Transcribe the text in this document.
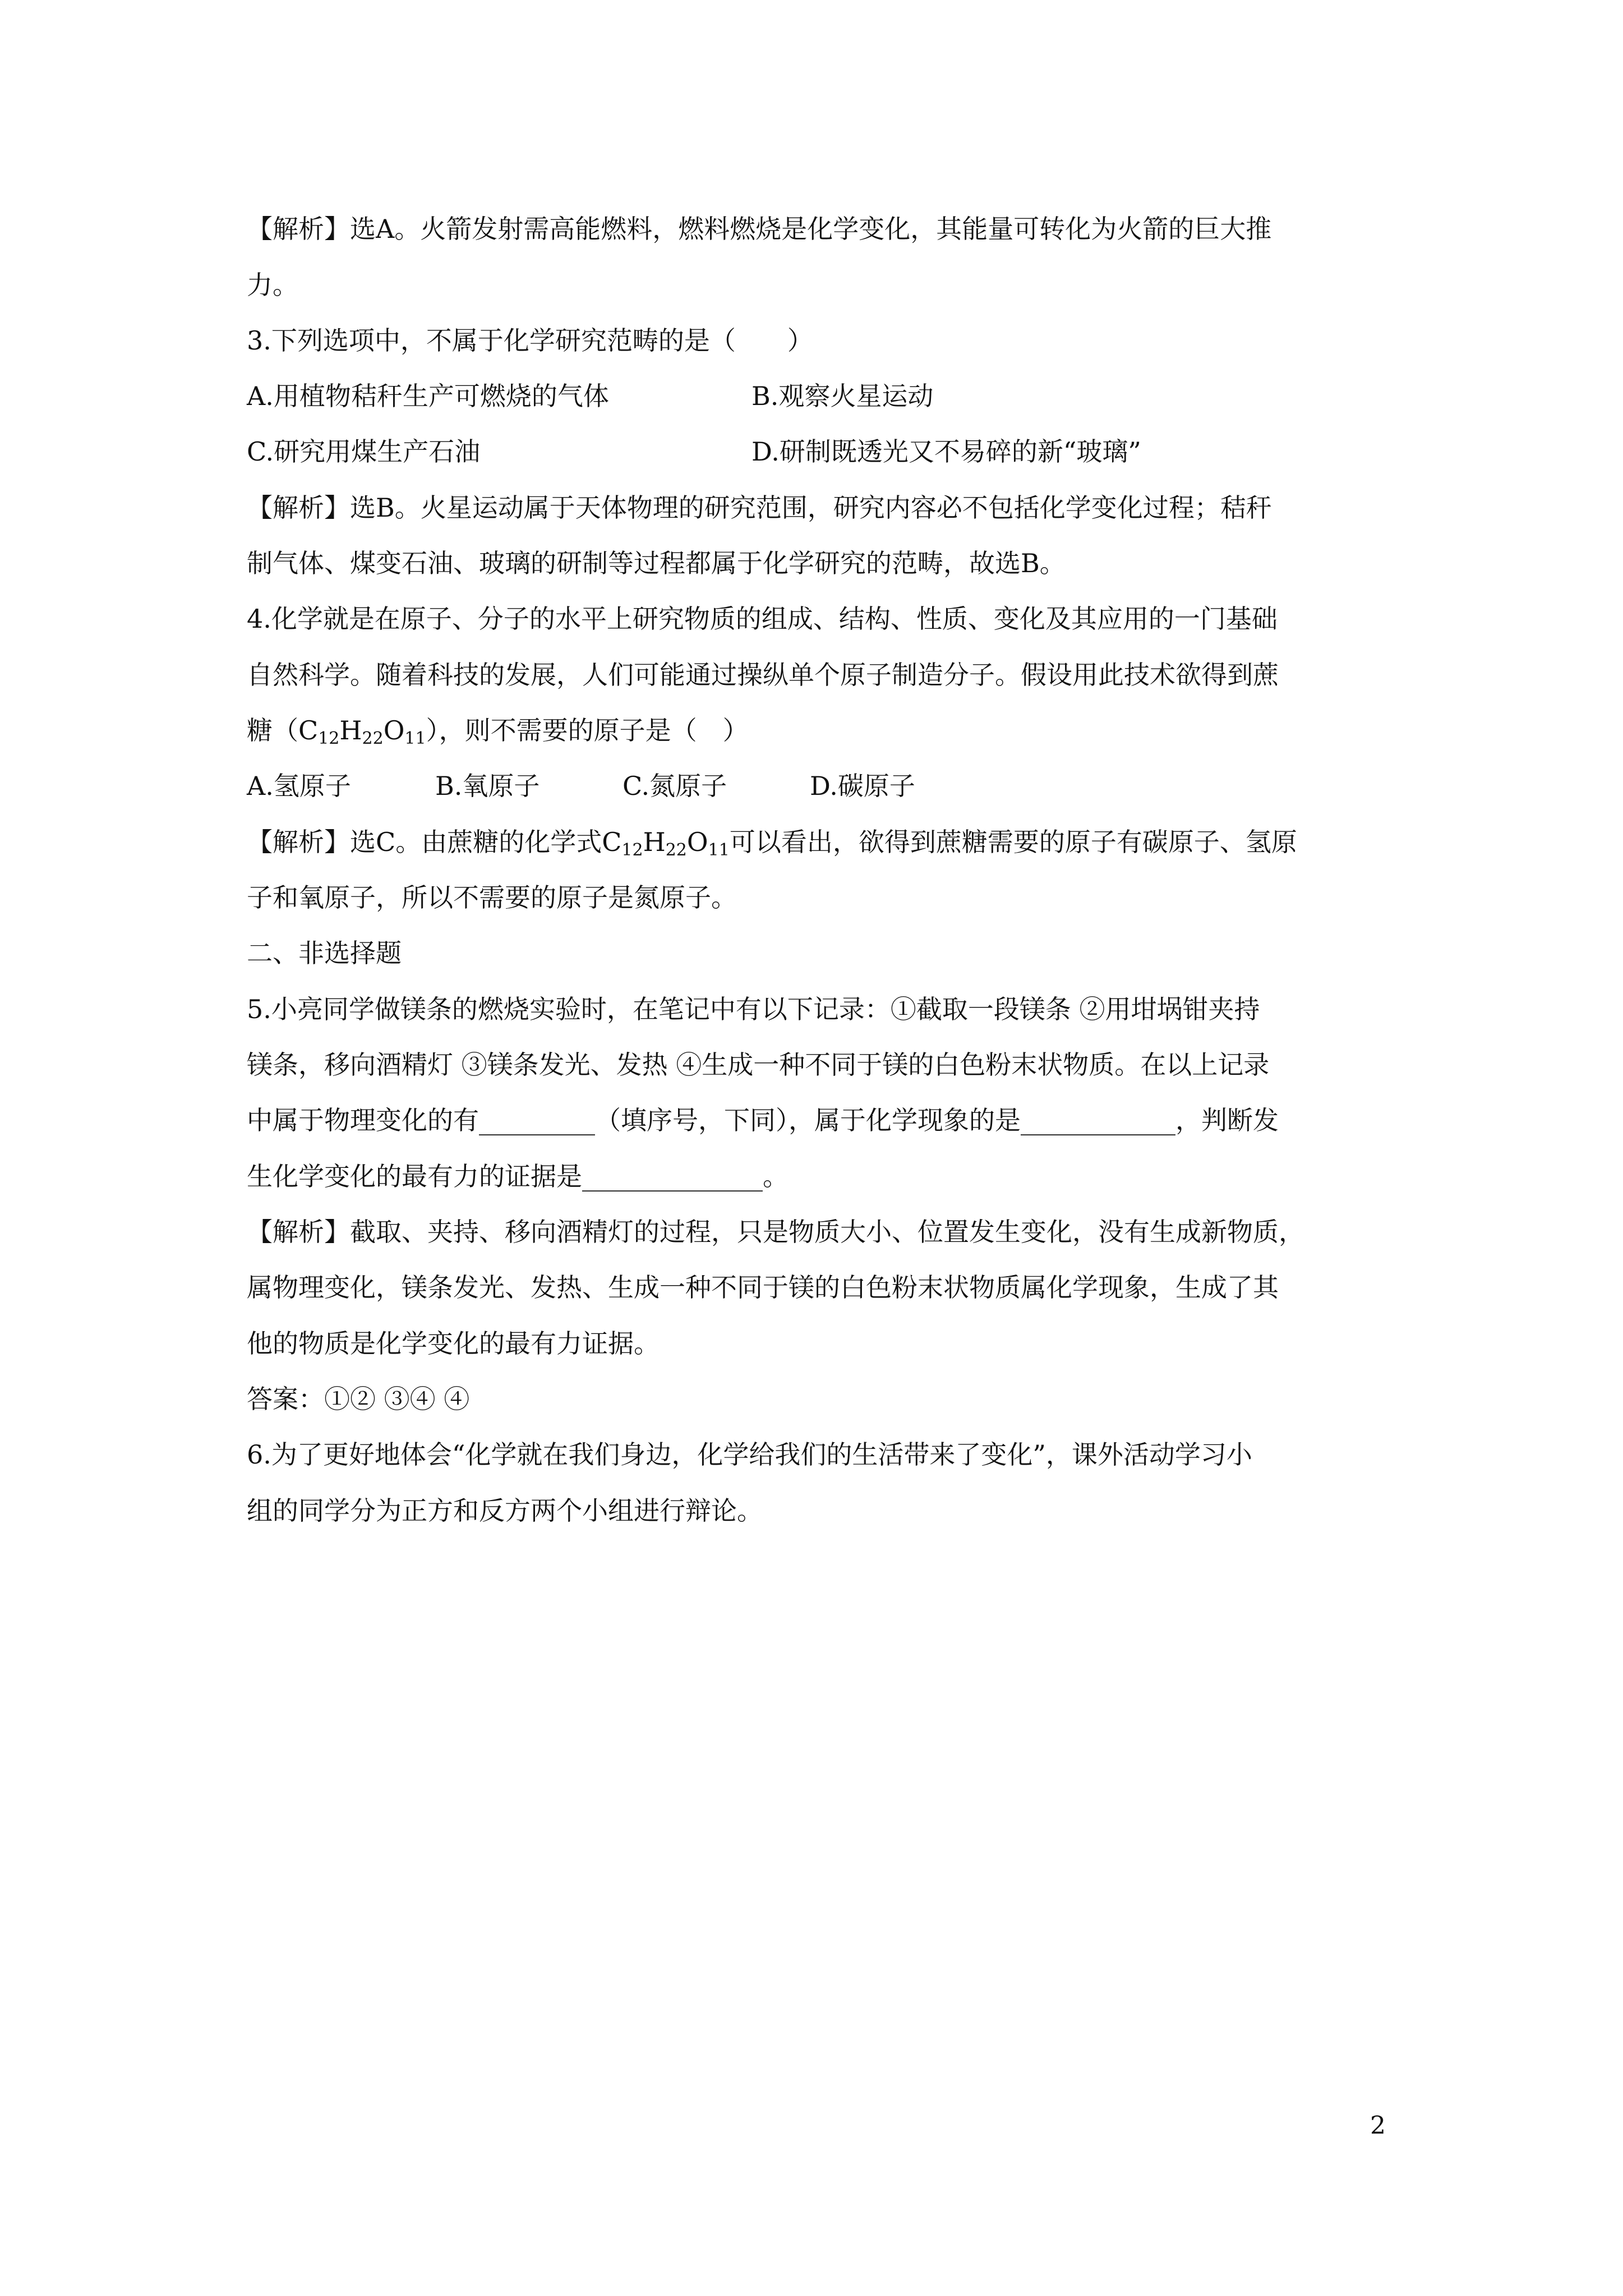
【解析】选A。火箭发射需高能燃料，燃料燃烧是化学变化，其能量可转化为火箭的巨大推
力。
3.下列选项中，不属于化学研究范畴的是（　　）
A.用植物秸秆生产可燃烧的气体	B.观察火星运动
C.研究用煤生产石油	D.研制既透光又不易碎的新“玻璃”
【解析】选B。火星运动属于天体物理的研究范围，研究内容必不包括化学变化过程；秸秆
制气体、煤变石油、玻璃的研制等过程都属于化学研究的范畴，故选B。
4.化学就是在原子、分子的水平上研究物质的组成、结构、性质、变化及其应用的一门基础
自然科学。随着科技的发展，人们可能通过操纵单个原子制造分子。假设用此技术欲得到蔗
糖$(C_{12}H_{22}O_{11})$，则不需要的原子是（　）
A.氢原子	B.氧原子	C.氮原子	D.碳原子
【解析】选C。由蔗糖的化学式$C_{12}H_{22}O_{11}$可以看出，欲得到蔗糖需要的原子有碳原子、氢原
子和氧原子，所以不需要的原子是氮原子。
二、非选择题
5.小亮同学做镁条的燃烧实验时，在笔记中有以下记录：①截取一段镁条 ②用坩埚钳夹持
镁条，移向酒精灯 ③镁条发光、发热 ④生成一种不同于镁的白色粉末状物质。在以上记录
中属于物理变化的有_________（填序号，下同），属于化学现象的是____________，判断发
生化学变化的最有力的证据是______________。
【解析】截取、夹持、移向酒精灯的过程，只是物质大小、位置发生变化，没有生成新物质，
属物理变化，镁条发光、发热、生成一种不同于镁的白色粉末状物质属化学现象，生成了其
他的物质是化学变化的最有力证据。
答案：①② ③④ ④
6.为了更好地体会“化学就在我们身边，化学给我们的生活带来了变化”，课外活动学习小
组的同学分为正方和反方两个小组进行辩论。
2
